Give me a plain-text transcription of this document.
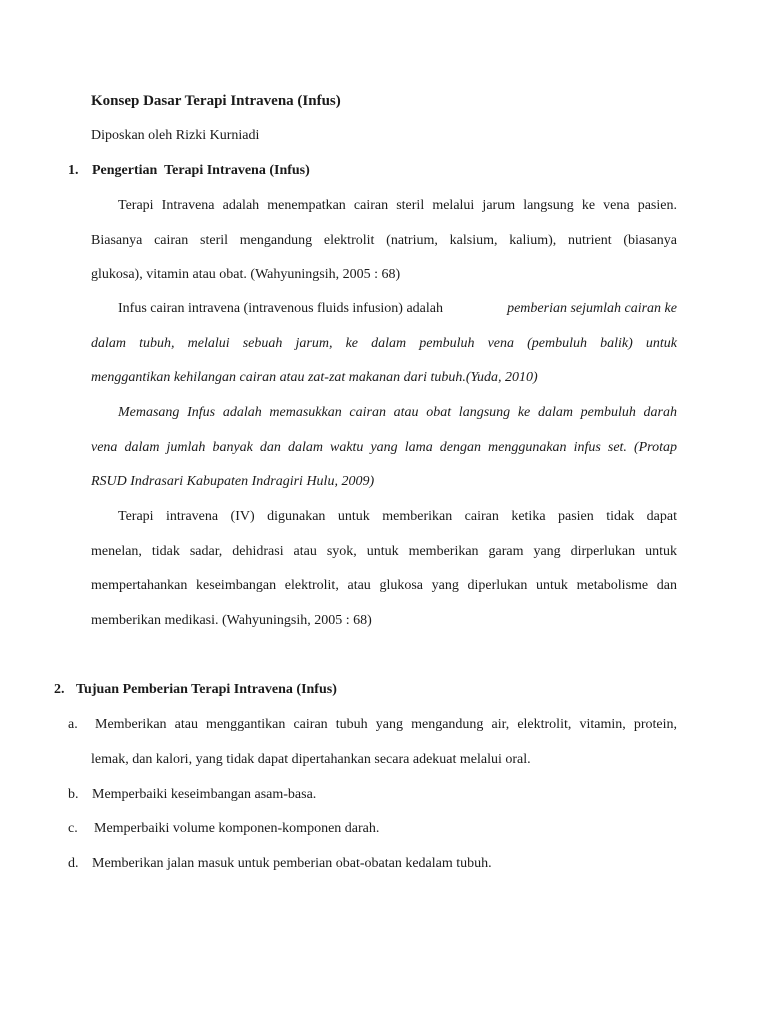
Konsep Dasar Terapi Intravena (Infus)
Diposkan oleh Rizki Kurniadi
1. Pengertian  Terapi Intravena (Infus)
Terapi Intravena adalah menempatkan cairan steril melalui jarum langsung ke vena pasien.
Biasanya cairan steril mengandung elektrolit (natrium, kalsium, kalium), nutrient (biasanya
glukosa), vitamin atau obat. (Wahyuningsih, 2005 : 68)
Infus cairan intravena (intravenous fluids infusion) adalah	pemberian sejumlah cairan ke
dalam tubuh, melalui sebuah jarum, ke dalam pembuluh vena (pembuluh balik) untuk
menggantikan kehilangan cairan atau zat-zat makanan dari tubuh.(Yuda, 2010)
Memasang Infus adalah memasukkan cairan atau obat langsung ke dalam pembuluh darah
vena dalam jumlah banyak dan dalam waktu yang lama dengan menggunakan infus set. (Protap
RSUD Indrasari Kabupaten Indragiri Hulu, 2009)
Terapi intravena (IV) digunakan untuk memberikan cairan ketika pasien tidak dapat
menelan, tidak sadar, dehidrasi atau syok, untuk memberikan garam yang dirperlukan untuk
mempertahankan keseimbangan elektrolit, atau glukosa yang diperlukan untuk metabolisme dan
memberikan medikasi. (Wahyuningsih, 2005 : 68)
2. Tujuan Pemberian Terapi Intravena (Infus)
a. Memberikan atau menggantikan cairan tubuh yang mengandung air, elektrolit, vitamin, protein,
lemak, dan kalori, yang tidak dapat dipertahankan secara adekuat melalui oral.
b. Memperbaiki keseimbangan asam-basa.
c. Memperbaiki volume komponen-komponen darah.
d. Memberikan jalan masuk untuk pemberian obat-obatan kedalam tubuh.
